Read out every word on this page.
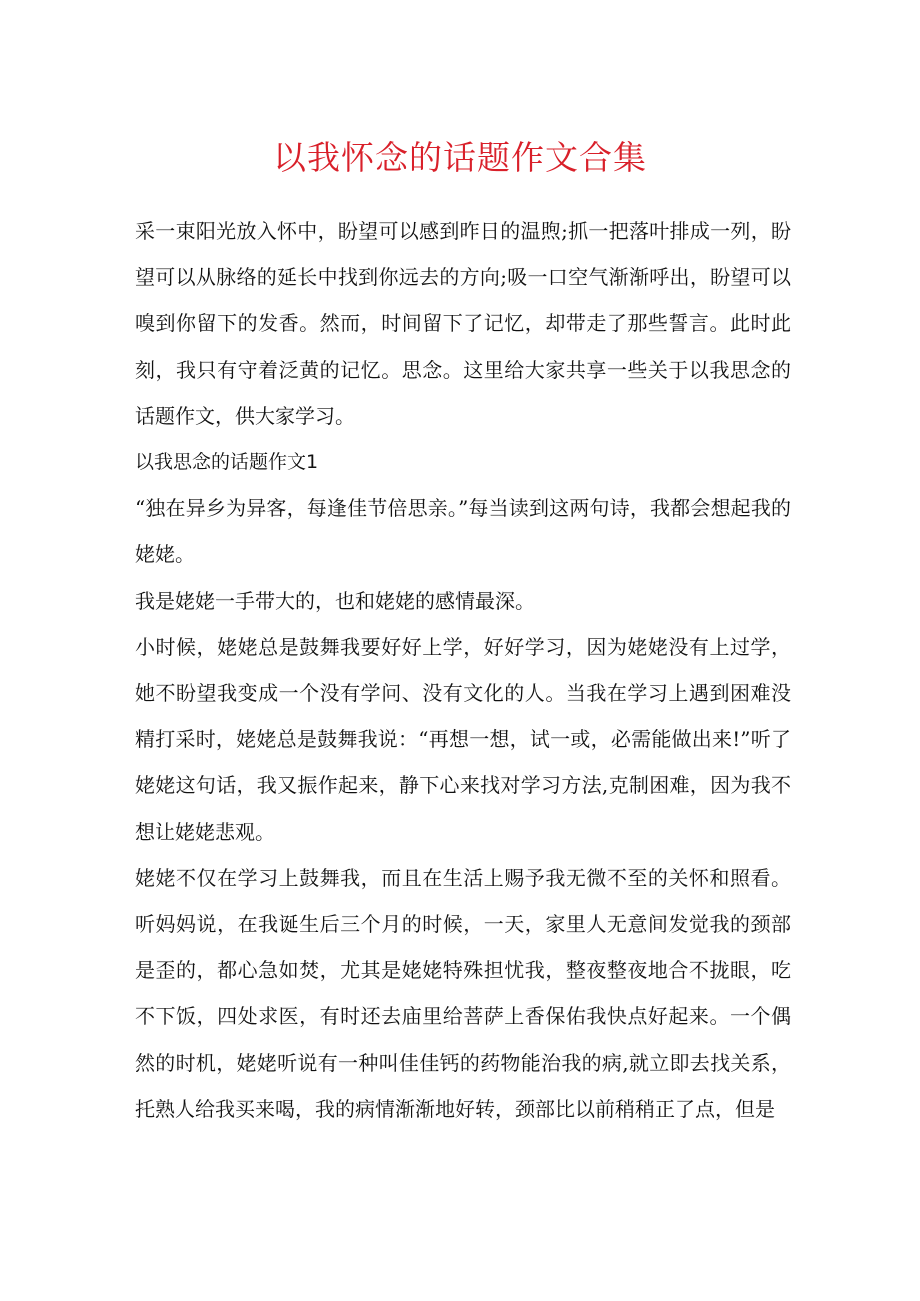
以我怀念的话题作文合集

采一束阳光放入怀中，盼望可以感到昨日的温煦;抓一把落叶排成一列，盼望可以从脉络的延长中找到你远去的方向;吸一口空气渐渐呼出，盼望可以嗅到你留下的发香。然而，时间留下了记忆，却带走了那些誓言。此时此刻，我只有守着泛黄的记忆。思念。这里给大家共享一些关于以我思念的话题作文，供大家学习。

以我思念的话题作文1

“独在异乡为异客，每逢佳节倍思亲。”每当读到这两句诗，我都会想起我的姥姥。

我是姥姥一手带大的，也和姥姥的感情最深。

小时候，姥姥总是鼓舞我要好好上学，好好学习，因为姥姥没有上过学，她不盼望我变成一个没有学问、没有文化的人。当我在学习上遇到困难没精打采时，姥姥总是鼓舞我说：“再想一想，试一或，必需能做出来!”听了姥姥这句话，我又振作起来，静下心来找对学习方法,克制困难，因为我不想让姥姥悲观。

姥姥不仅在学习上鼓舞我，而且在生活上赐予我无微不至的关怀和照看。听妈妈说，在我诞生后三个月的时候，一天，家里人无意间发觉我的颈部是歪的，都心急如焚，尤其是姥姥特殊担忧我，整夜整夜地合不拢眼，吃不下饭，四处求医，有时还去庙里给菩萨上香保佑我快点好起来。一个偶然的时机，姥姥听说有一种叫佳佳钙的药物能治我的病,就立即去找关系，托熟人给我买来喝，我的病情渐渐地好转，颈部比以前稍稍正了点，但是
